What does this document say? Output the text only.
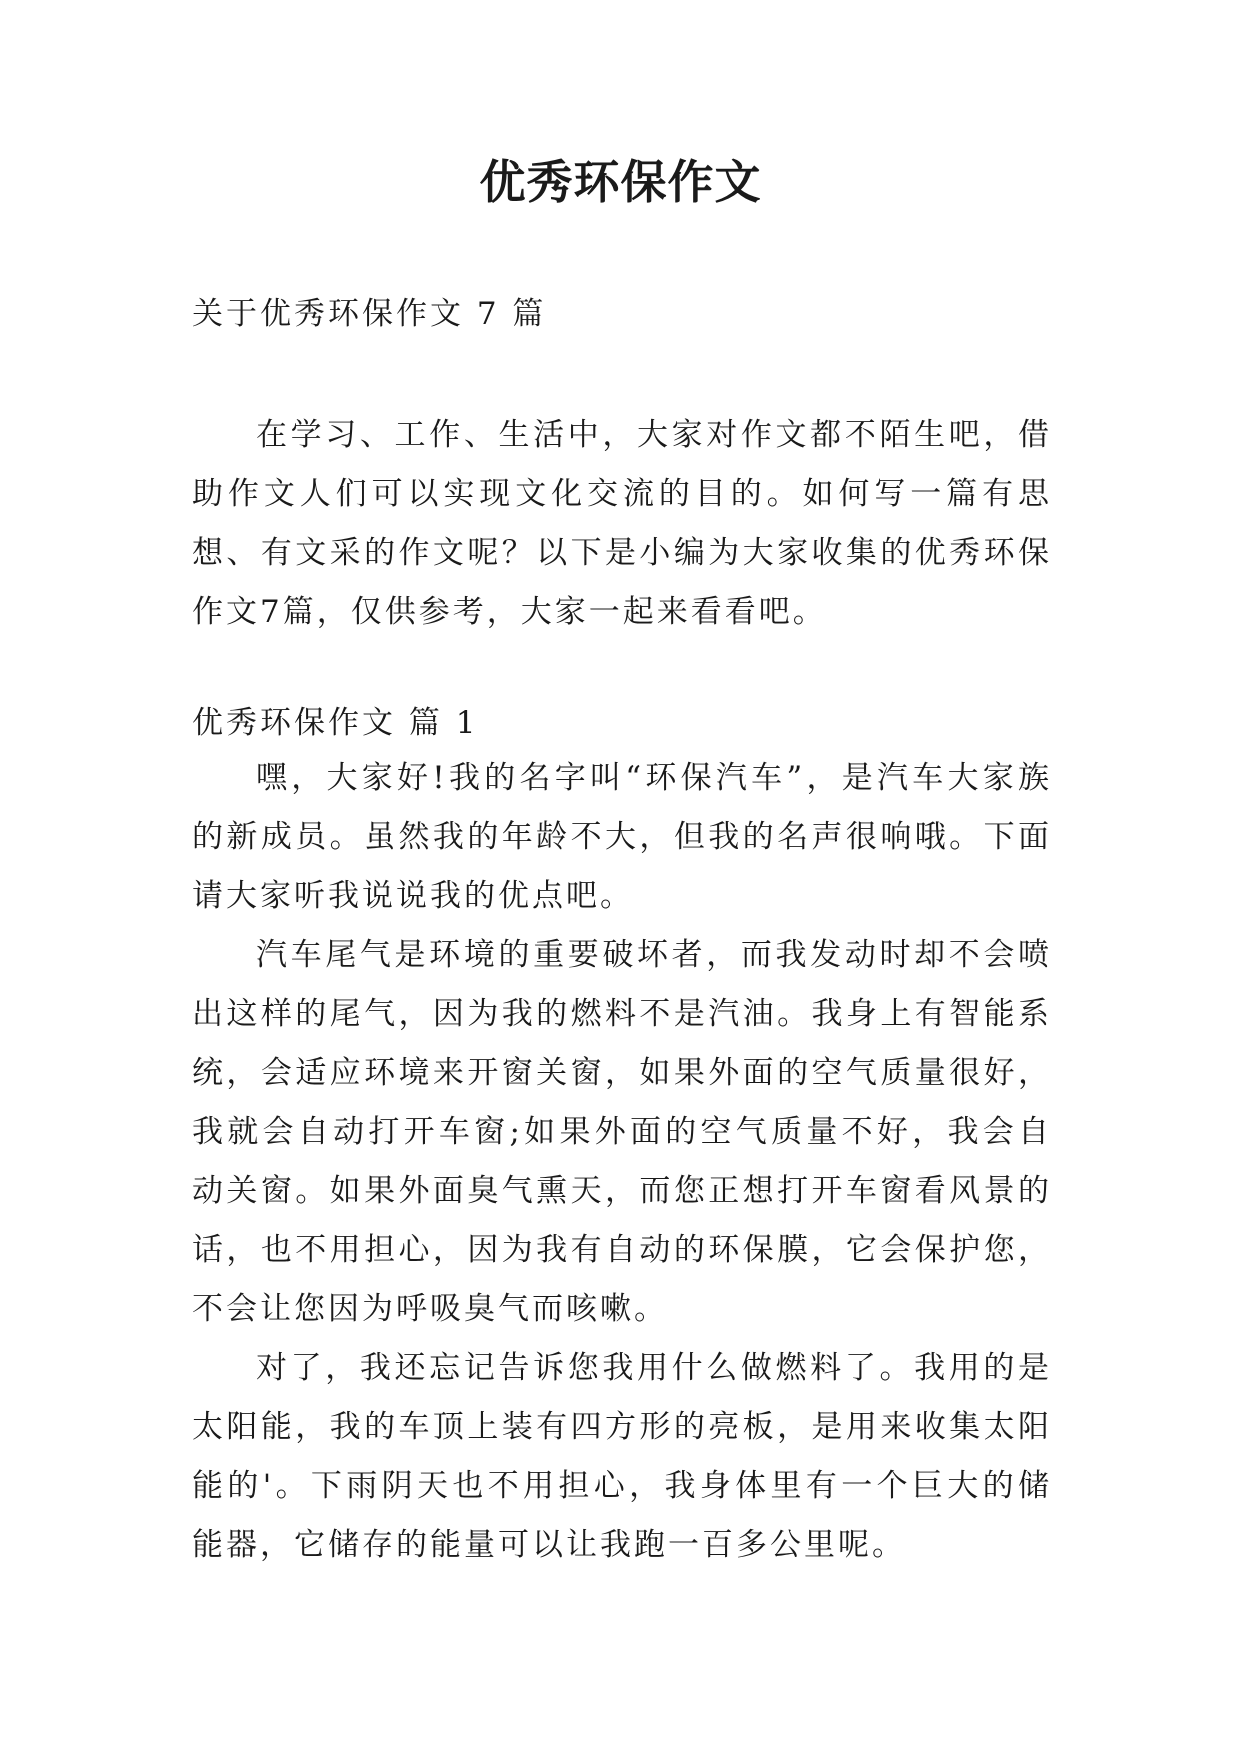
优秀环保作文
关于优秀环保作文 7 篇

在学习、工作、生活中，大家对作文都不陌生吧，借助作文人们可以实现文化交流的目的。如何写一篇有思想、有文采的作文呢？以下是小编为大家收集的优秀环保作文7篇，仅供参考，大家一起来看看吧。

优秀环保作文 篇 1

嘿，大家好!我的名字叫“环保汽车”，是汽车大家族的新成员。虽然我的年龄不大，但我的名声很响哦。下面请大家听我说说我的优点吧。

汽车尾气是环境的重要破坏者，而我发动时却不会喷出这样的尾气，因为我的燃料不是汽油。我身上有智能系统，会适应环境来开窗关窗，如果外面的空气质量很好，我就会自动打开车窗;如果外面的空气质量不好，我会自动关窗。如果外面臭气熏天，而您正想打开车窗看风景的话，也不用担心，因为我有自动的环保膜，它会保护您，不会让您因为呼吸臭气而咳嗽。

对了，我还忘记告诉您我用什么做燃料了。我用的是太阳能，我的车顶上装有四方形的亮板，是用来收集太阳能的'。下雨阴天也不用担心，我身体里有一个巨大的储能器，它储存的能量可以让我跑一百多公里呢。
